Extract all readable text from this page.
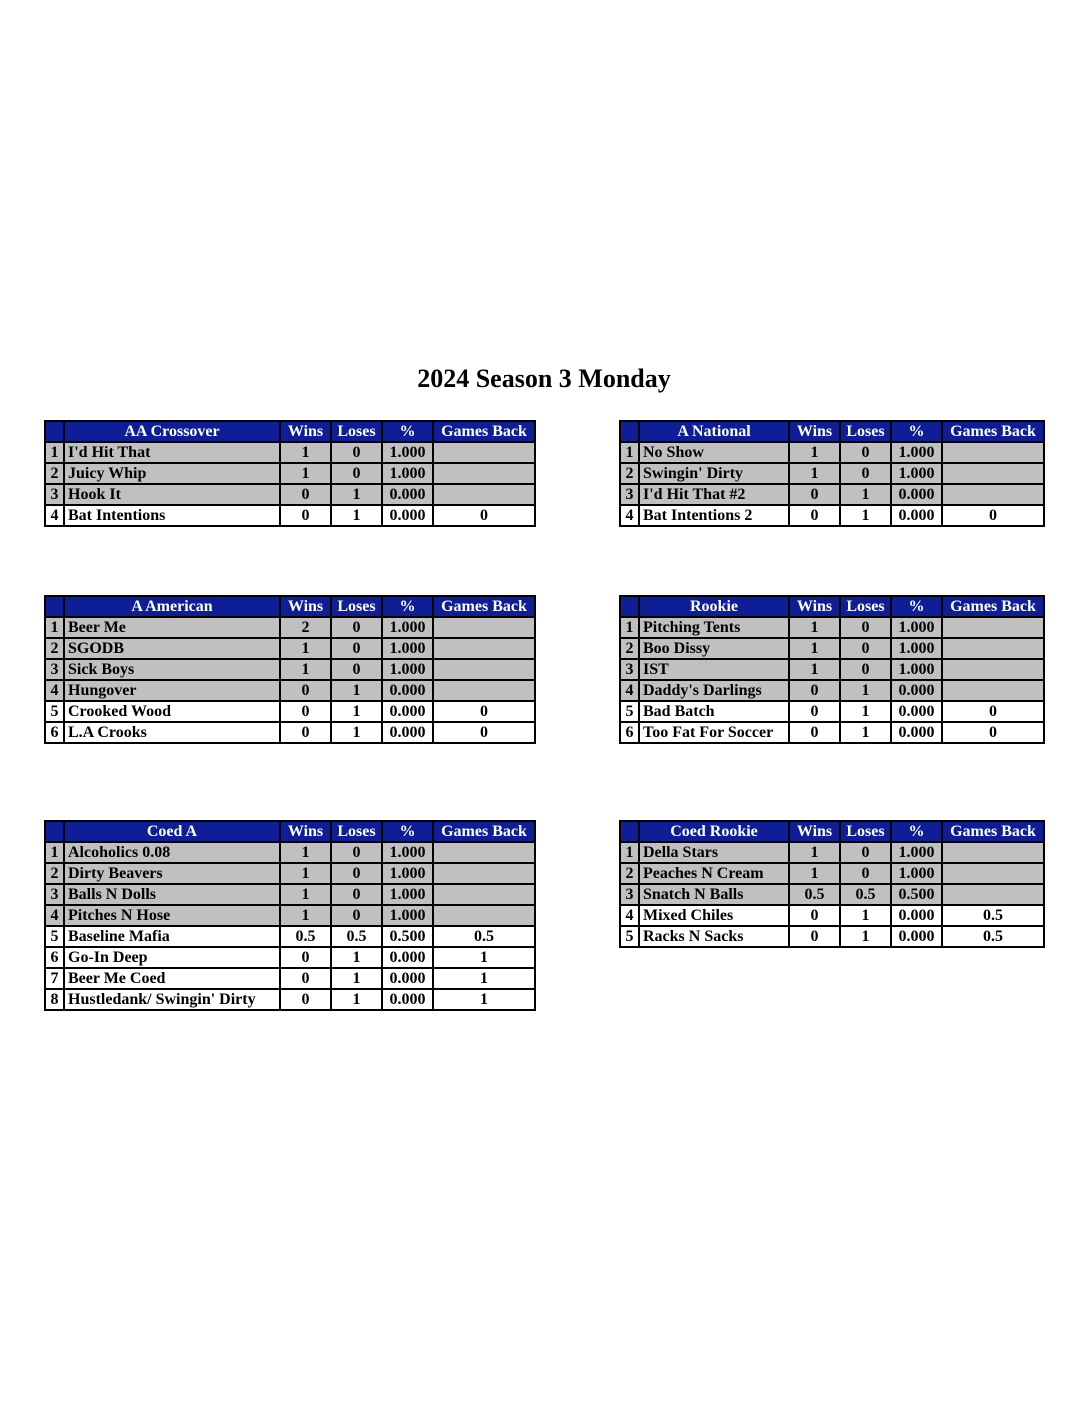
2024 Season 3 Monday
	AA Crossover	Wins	Loses	%	Games Back
1	I'd Hit That	1	0	1.000	
2	Juicy Whip	1	0	1.000	
3	Hook It	0	1	0.000	
4	Bat Intentions	0	1	0.000	0
	A National	Wins	Loses	%	Games Back
1	No Show	1	0	1.000	
2	Swingin' Dirty	1	0	1.000	
3	I'd Hit That #2	0	1	0.000	
4	Bat Intentions 2	0	1	0.000	0
	A American	Wins	Loses	%	Games Back
1	Beer Me	2	0	1.000	
2	SGODB	1	0	1.000	
3	Sick Boys	1	0	1.000	
4	Hungover	0	1	0.000	
5	Crooked Wood	0	1	0.000	0
6	L.A Crooks	0	1	0.000	0
	Rookie	Wins	Loses	%	Games Back
1	Pitching Tents	1	0	1.000	
2	Boo Dissy	1	0	1.000	
3	IST	1	0	1.000	
4	Daddy's Darlings	0	1	0.000	
5	Bad Batch	0	1	0.000	0
6	Too Fat For Soccer	0	1	0.000	0
	Coed A	Wins	Loses	%	Games Back
1	Alcoholics 0.08	1	0	1.000	
2	Dirty Beavers	1	0	1.000	
3	Balls N Dolls	1	0	1.000	
4	Pitches N Hose	1	0	1.000	
5	Baseline Mafia	0.5	0.5	0.500	0.5
6	Go-In Deep	0	1	0.000	1
7	Beer Me Coed	0	1	0.000	1
8	Hustledank/ Swingin' Dirty	0	1	0.000	1
	Coed Rookie	Wins	Loses	%	Games Back
1	Della Stars	1	0	1.000	
2	Peaches N Cream	1	0	1.000	
3	Snatch N Balls	0.5	0.5	0.500	
4	Mixed Chiles	0	1	0.000	0.5
5	Racks N Sacks	0	1	0.000	0.5
